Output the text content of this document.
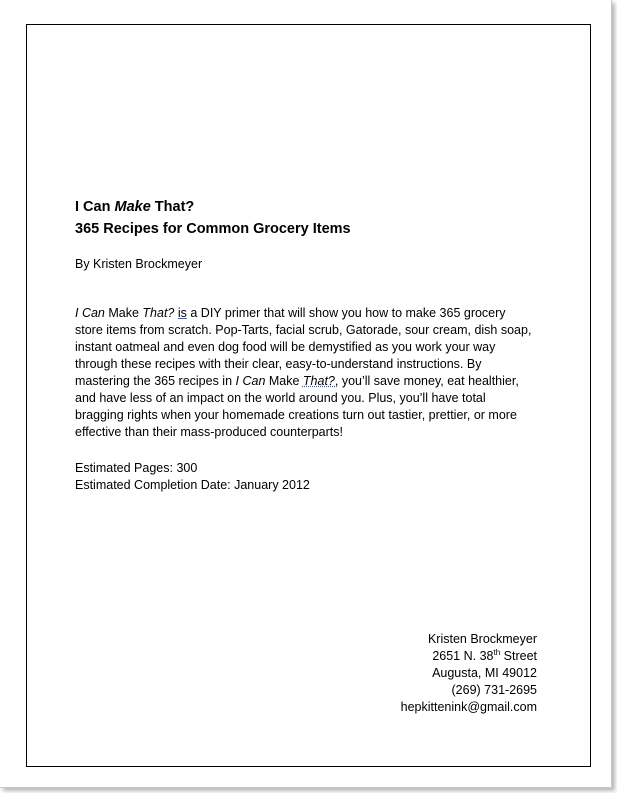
I Can Make That?
365 Recipes for Common Grocery Items
By Kristen Brockmeyer
I Can Make That? is a DIY primer that will show you how to make 365 grocery
store items from scratch. Pop-Tarts, facial scrub, Gatorade, sour cream, dish soap,
instant oatmeal and even dog food will be demystified as you work your way
through these recipes with their clear, easy-to-understand instructions. By
mastering the 365 recipes in I Can Make That?, you’ll save money, eat healthier,
and have less of an impact on the world around you. Plus, you’ll have total
bragging rights when your homemade creations turn out tastier, prettier, or more
effective than their mass-produced counterparts!
Estimated Pages: 300
Estimated Completion Date: January 2012
Kristen Brockmeyer
2651 N. 38th Street
Augusta, MI 49012
(269) 731-2695
hepkittenink@gmail.com
